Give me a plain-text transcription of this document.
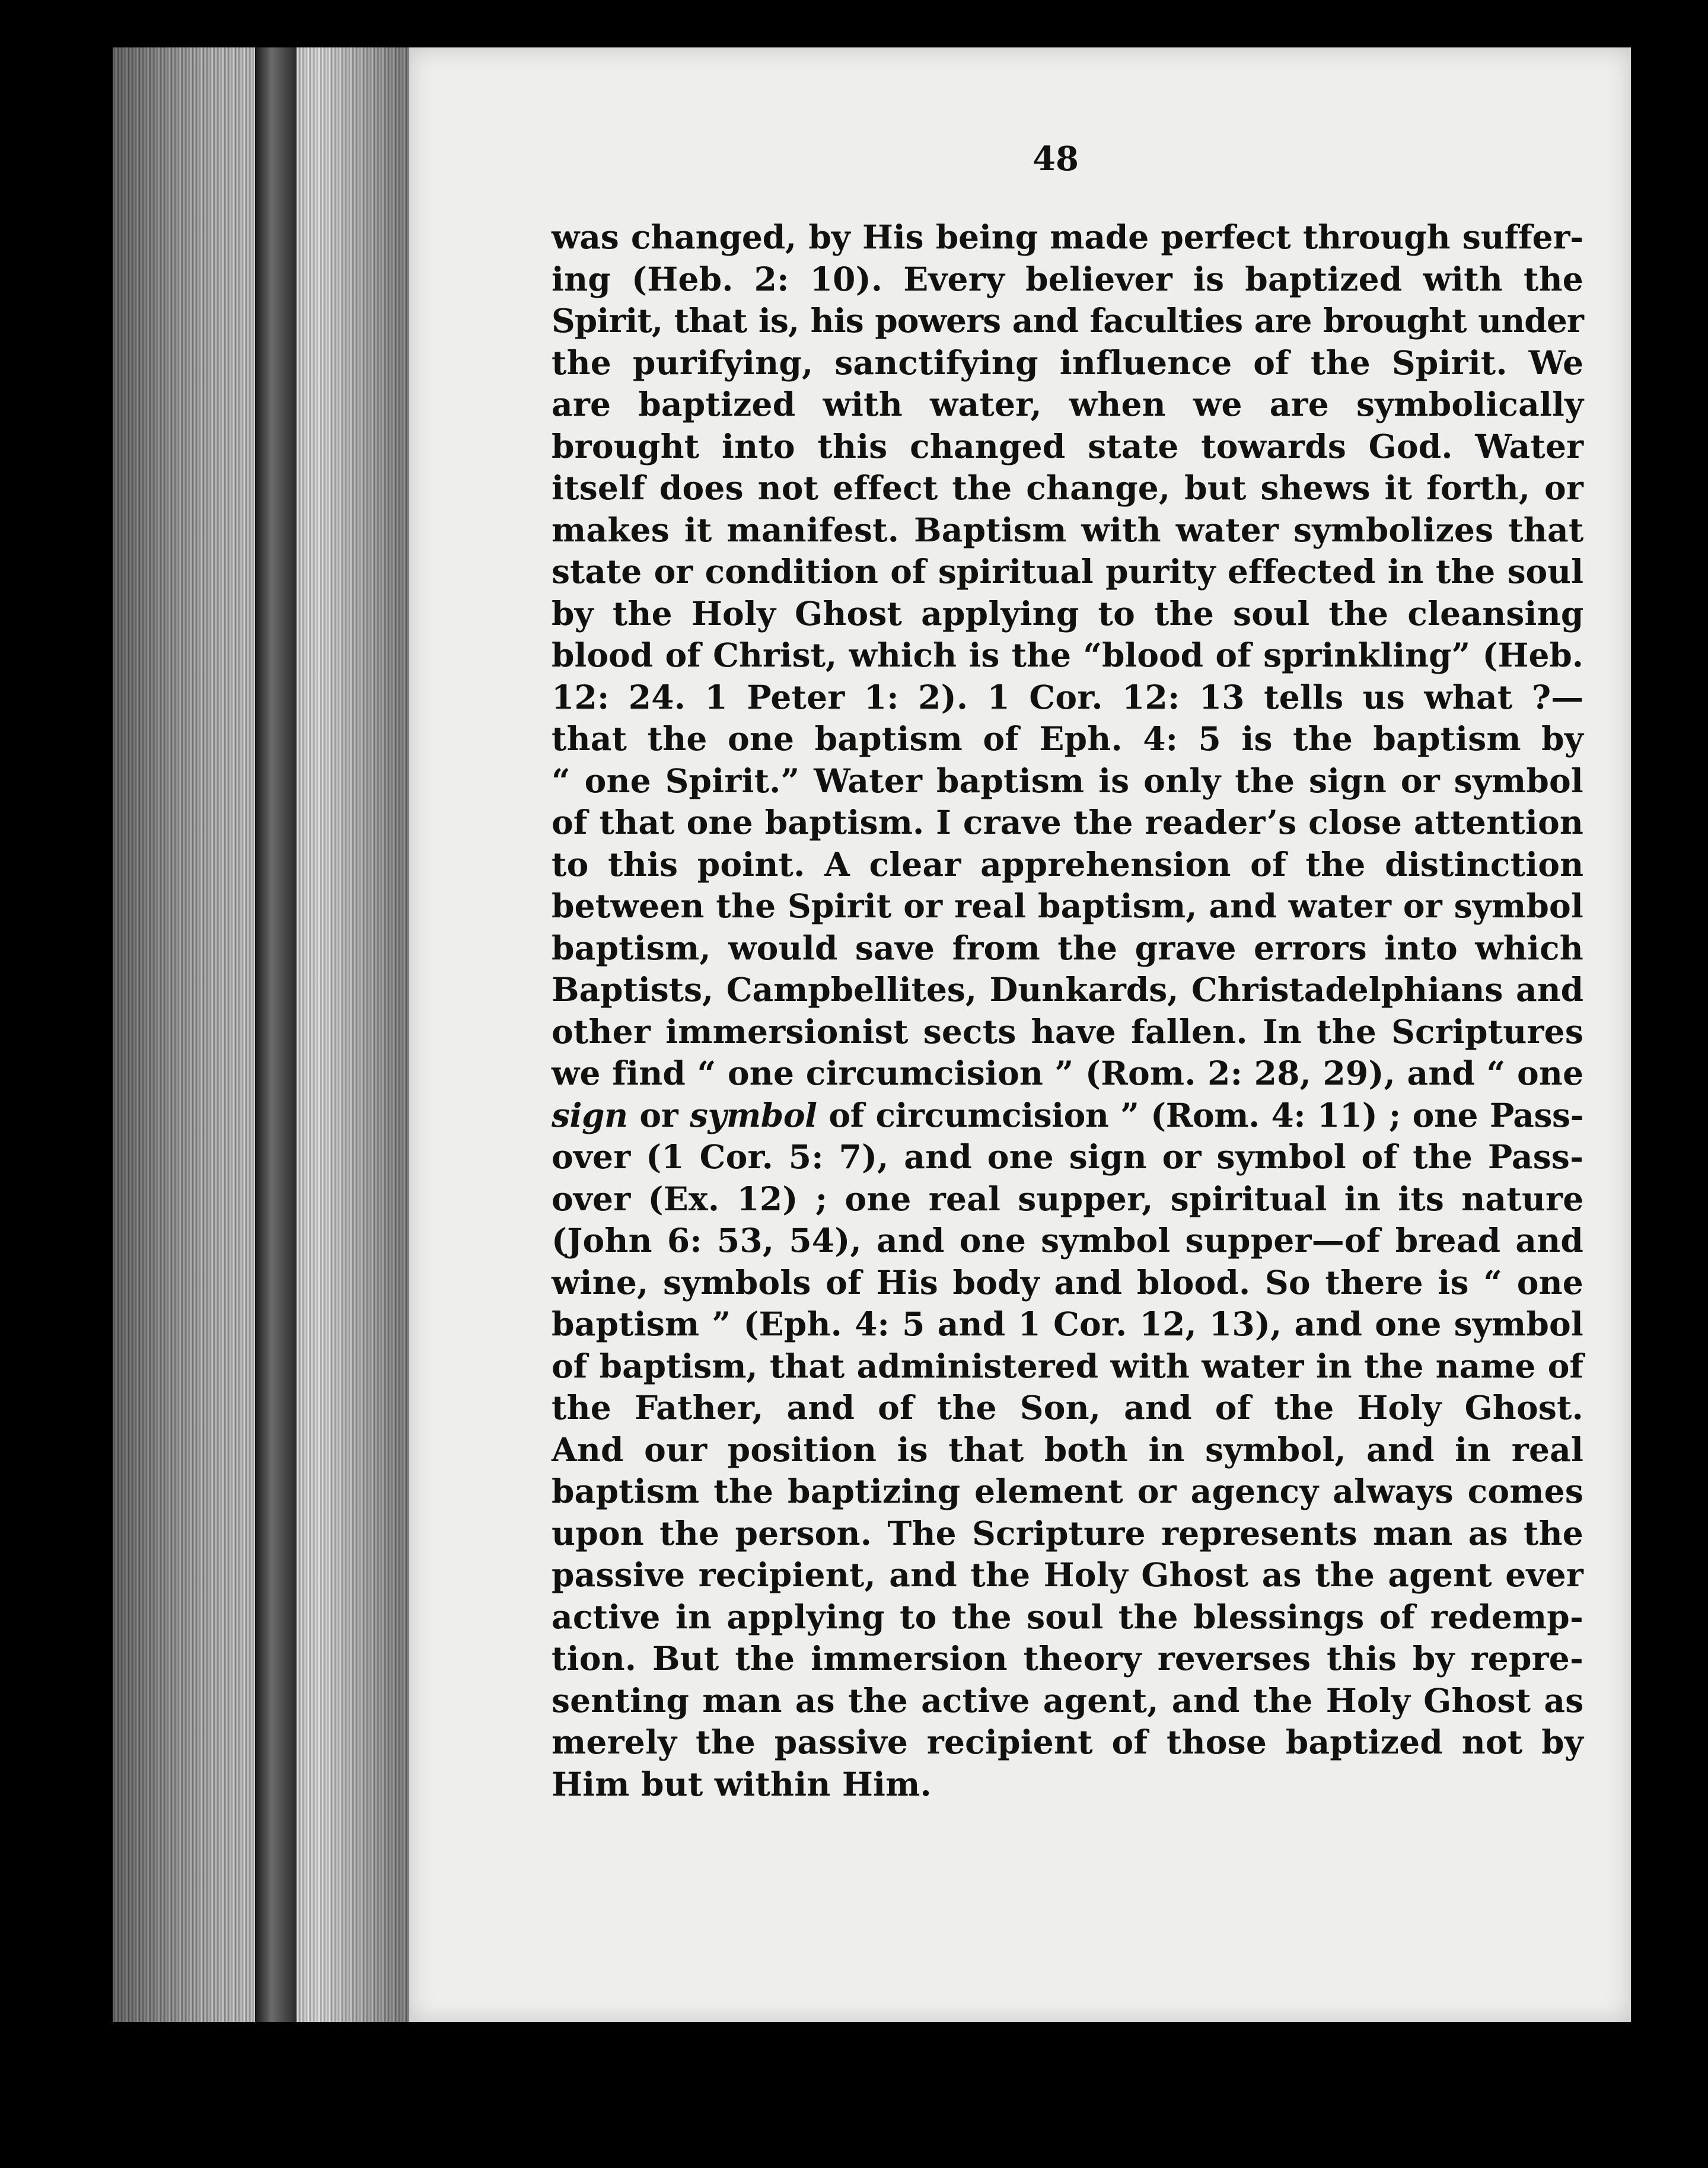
48
was changed, by His being made perfect through suffer-
ing (Heb. 2: 10). Every believer is baptized with the
Spirit, that is, his powers and faculties are brought under
the purifying, sanctifying influence of the Spirit. We
are baptized with water, when we are symbolically
brought into this changed state towards God. Water
itself does not effect the change, but shews it forth, or
makes it manifest. Baptism with water symbolizes that
state or condition of spiritual purity effected in the soul
by the Holy Ghost applying to the soul the cleansing
blood of Christ, which is the “blood of sprinkling” (Heb.
12: 24. 1 Peter 1: 2). 1 Cor. 12: 13 tells us what ?—
that the one baptism of Eph. 4: 5 is the baptism by
“ one Spirit.” Water baptism is only the sign or symbol
of that one baptism. I crave the reader’s close attention
to this point. A clear apprehension of the distinction
between the Spirit or real baptism, and water or symbol
baptism, would save from the grave errors into which
Baptists, Campbellites, Dunkards, Christadelphians and
other immersionist sects have fallen. In the Scriptures
we find “ one circumcision ” (Rom. 2: 28, 29), and “ one
sign or symbol of circumcision ” (Rom. 4: 11) ; one Pass-
over (1 Cor. 5: 7), and one sign or symbol of the Pass-
over (Ex. 12) ; one real supper, spiritual in its nature
(John 6: 53, 54), and one symbol supper—of bread and
wine, symbols of His body and blood. So there is “ one
baptism ” (Eph. 4: 5 and 1 Cor. 12, 13), and one symbol
of baptism, that administered with water in the name of
the Father, and of the Son, and of the Holy Ghost.
And our position is that both in symbol, and in real
baptism the baptizing element or agency always comes
upon the person. The Scripture represents man as the
passive recipient, and the Holy Ghost as the agent ever
active in applying to the soul the blessings of redemp-
tion. But the immersion theory reverses this by repre-
senting man as the active agent, and the Holy Ghost as
merely the passive recipient of those baptized not by
Him but within Him.
